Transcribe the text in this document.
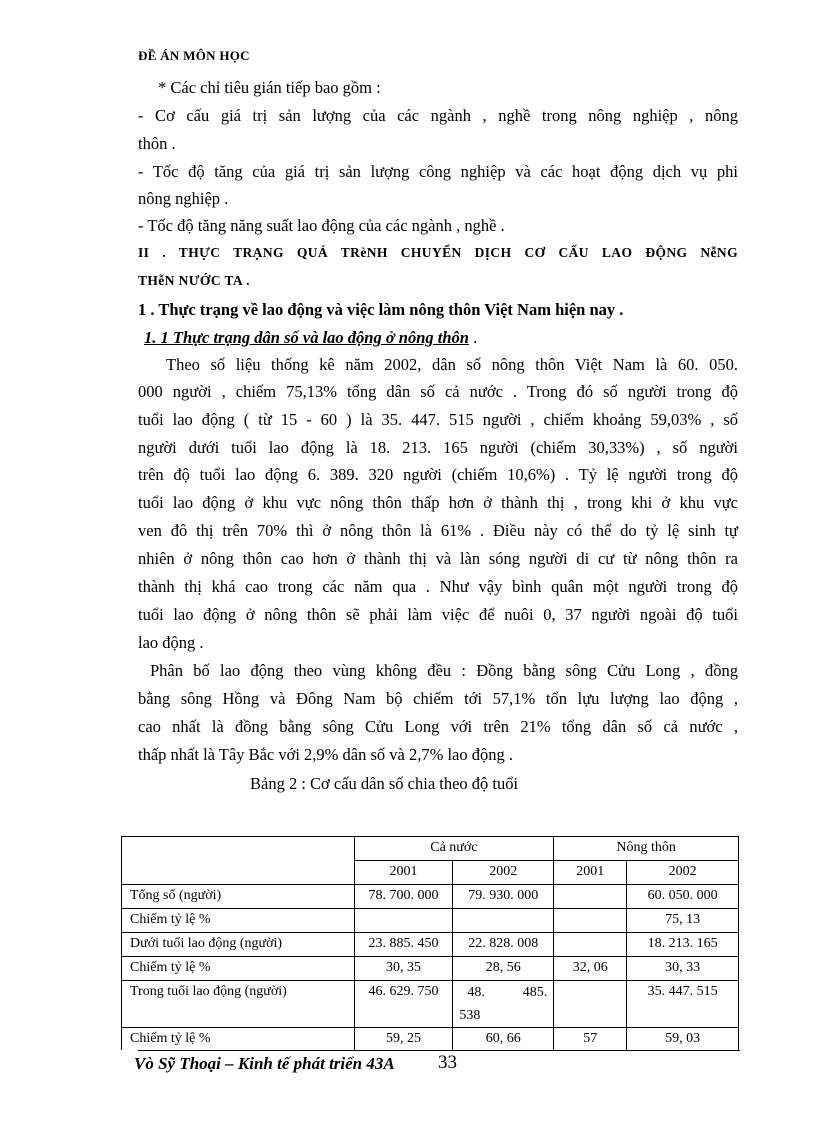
ĐỀ ÁN MÔN HỌC
* Các chỉ tiêu gián tiếp bao gồm :
- Cơ cấu giá trị sản lượng của các ngành , nghề trong nông nghiệp , nông
thôn .
- Tốc độ tăng của giá trị sản lượng công nghiệp và các hoạt động dịch vụ phi
nông nghiệp .
- Tốc độ tăng năng suất lao động của các ngành , nghề .
II . THỰC TRẠNG QUÁ TRèNH CHUYỂN DỊCH CƠ CẤU LAO ĐỘNG NễNG
THễN NƯỚC TA .
1 . Thực trạng về lao động và việc làm nông thôn Việt Nam hiện nay .
1. 1 Thực trạng dân số và lao động ở nông thôn .
Theo số liệu thống kê năm 2002, dân số nông thôn Việt Nam là 60. 050.
000 người , chiếm 75,13% tổng dân số cả nước . Trong đó số người trong độ
tuổi lao động ( từ 15 - 60 ) là 35. 447. 515 người , chiếm khoảng 59,03% , số
người dưới tuổi lao động là 18. 213. 165 người (chiếm 30,33%) , số người
trên độ tuổi lao động 6. 389. 320 người (chiếm 10,6%) . Tỷ lệ người trong độ
tuổi lao động ở khu vực nông thôn thấp hơn ở thành thị , trong khi ở khu vực
ven đô thị trên 70% thì ở nông thôn là 61% . Điều này có thể do tỷ lệ sinh tự
nhiên ở nông thôn cao hơn ở thành thị và làn sóng người di cư từ nông thôn ra
thành thị khá cao trong các năm qua . Như vậy bình quân một người trong độ
tuổi lao động ở nông thôn sẽ phải làm việc để nuôi 0, 37 người ngoài độ tuổi
lao động .
Phân bố lao động theo vùng không đều : Đồng bằng sông Cửu Long , đồng
bằng sông Hồng và Đông Nam bộ chiếm tới 57,1% tổn lựu lượng lao động ,
cao nhất là đồng bằng sông Cửu Long với trên 21% tổng dân số cả nước ,
thấp nhất là Tây Bắc với 2,9% dân số và 2,7% lao động .
Bảng 2 : Cơ cấu dân số chia theo độ tuổi
	Cả nước		Nông thôn	
	2001	2002	2001	2002
Tổng số (người)	78. 700. 000	79. 930. 000		60. 050. 000
Chiếm tỷ lệ %				75, 13
Dưới tuổi lao động (người)	23. 885. 450	22. 828. 008		18. 213. 165
Chiếm tỷ lệ %	30, 35	28, 56	32, 06	30, 33
Trong tuổi lao động (người)	46. 629. 750	48. 485.
538		35. 447. 515
Chiếm tỷ lệ %	59, 25	60, 66	57	59, 03
Vò Sỹ Thoại – Kinh tế phát triển 43A 33
